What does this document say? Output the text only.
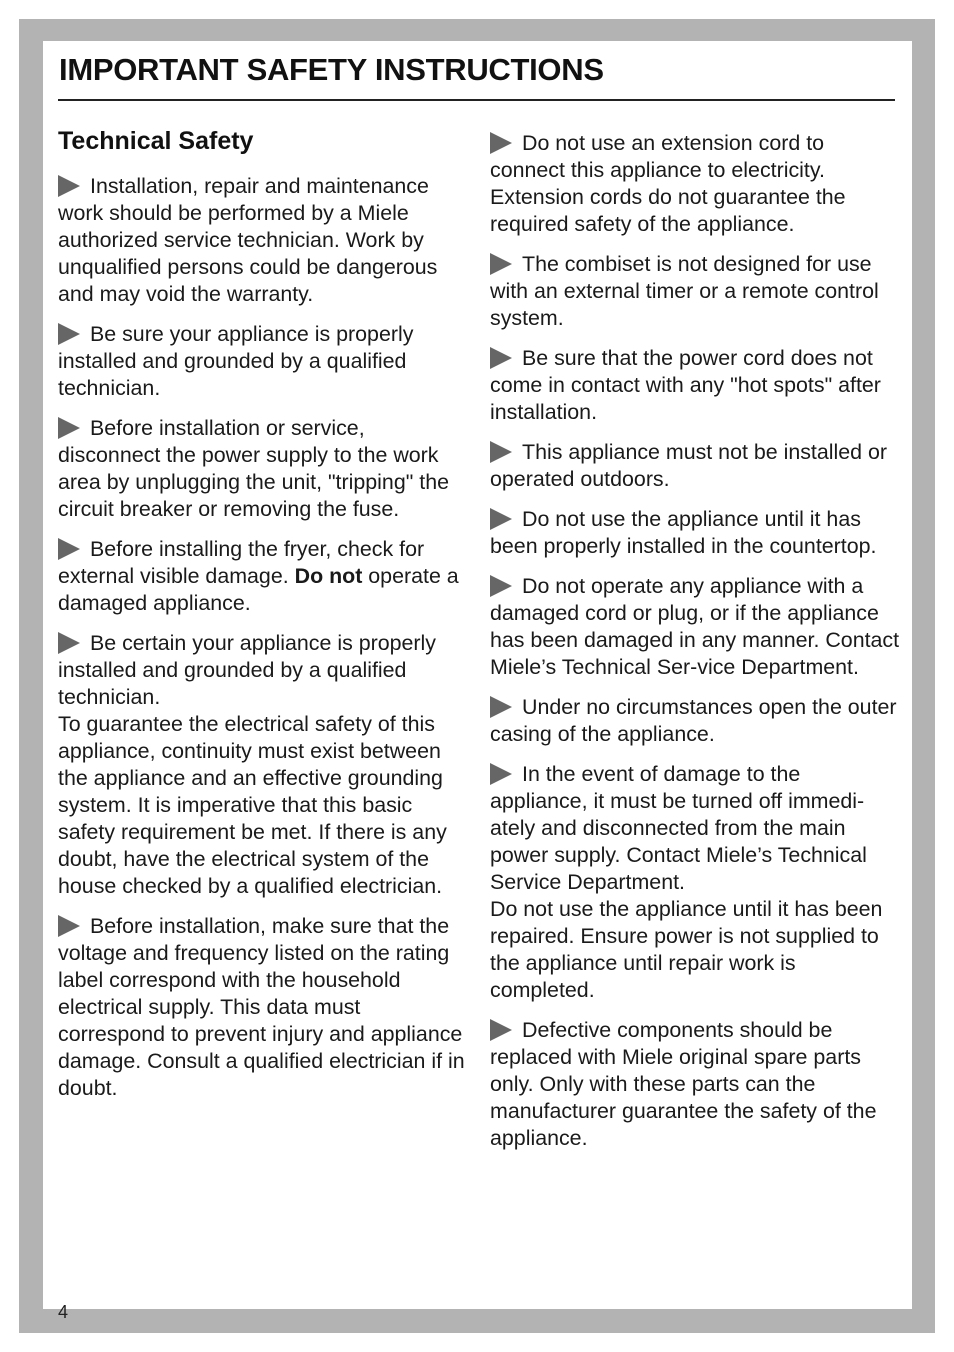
IMPORTANT SAFETY INSTRUCTIONS
Technical Safety

Installation, repair and maintenance work should be performed by a Miele authorized service technician. Work by unqualified persons could be dangerous and may void the warranty.

Be sure your appliance is properly installed and grounded by a qualified technician.

Before installation or service, disconnect the power supply to the work area by unplugging the unit, "tripping" the circuit breaker or removing the fuse.

Before installing the fryer, check for external visible damage. Do not operate a damaged appliance.

Be certain your appliance is properly installed and grounded by a qualified technician.

To guarantee the electrical safety of this appliance, continuity must exist between the appliance and an effective grounding system. It is imperative that this basic safety requirement be met. If there is any doubt, have the electrical system of the house checked by a qualified electrician.

Before installation, make sure that the voltage and frequency listed on the rating label correspond with the household electrical supply. This data must correspond to prevent injury and appliance damage. Consult a qualified electrician if in doubt.

Do not use an extension cord to connect this appliance to electricity. Extension cords do not guarantee the required safety of the appliance.

The combiset is not designed for use with an external timer or a remote control system.

Be sure that the power cord does not come in contact with any "hot spots" after installation.

This appliance must not be installed or operated outdoors.

Do not use the appliance until it has been properly installed in the countertop.

Do not operate any appliance with a damaged cord or plug, or if the appliance has been damaged in any manner. Contact Miele’s Technical Ser-vice Department.

Under no circumstances open the outer casing of the appliance.

In the event of damage to the appliance, it must be turned off immedi-ately and disconnected from the main power supply. Contact Miele’s Technical Service Department.

Do not use the appliance until it has been repaired. Ensure power is not supplied to the appliance until repair work is completed.

Defective components should be replaced with Miele original spare parts only. Only with these parts can the manufacturer guarantee the safety of the appliance.

4
